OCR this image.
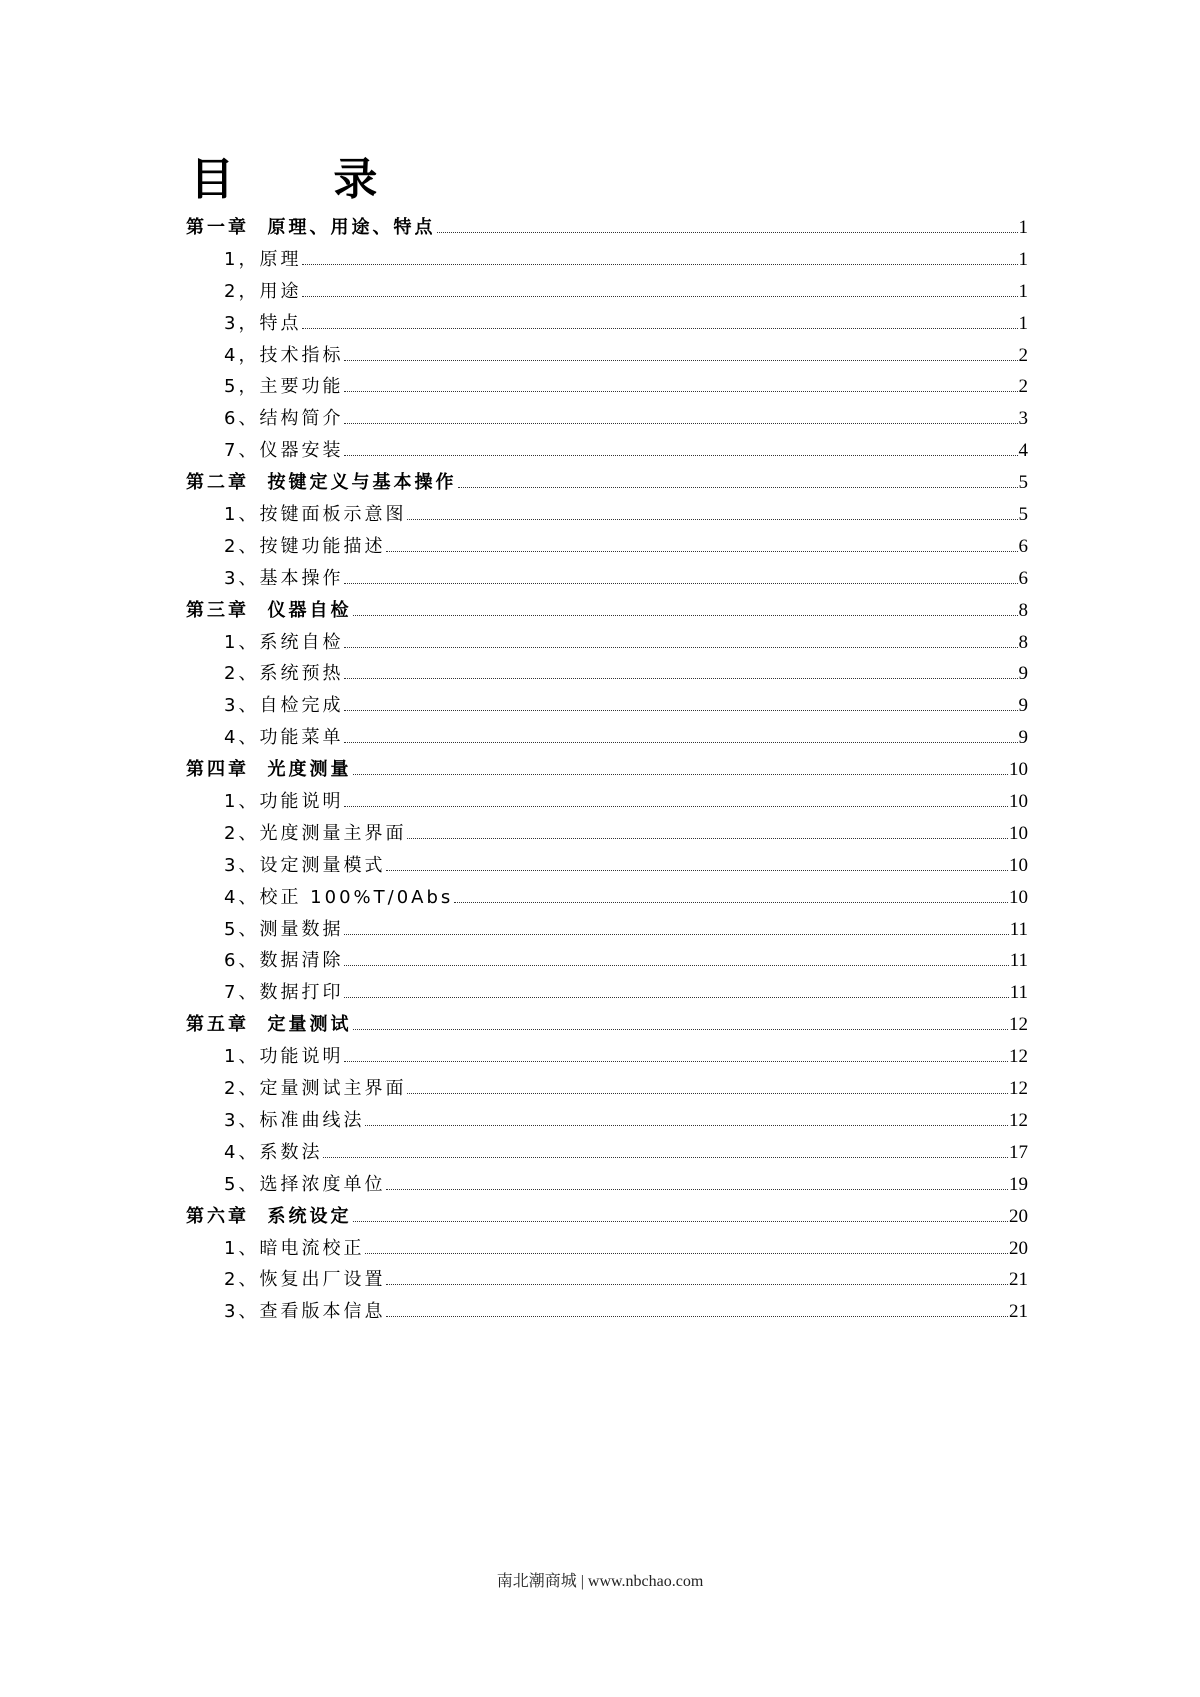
目 录
第一章  原理、用途、特点	1
1，原理	1
2，用途	1
3，特点	1
4，技术指标	2
5，主要功能	2
6、结构简介	3
7、仪器安装	4
第二章  按键定义与基本操作	5
1、按键面板示意图	5
2、按键功能描述	6
3、基本操作	6
第三章  仪器自检	8
1、系统自检	8
2、系统预热	9
3、自检完成	9
4、功能菜单	9
第四章  光度测量	10
1、功能说明	10
2、光度测量主界面	10
3、设定测量模式	10
4、校正 100%T/0Abs	10
5、测量数据	11
6、数据清除	11
7、数据打印	11
第五章  定量测试	12
1、功能说明	12
2、定量测试主界面	12
3、标准曲线法	12
4、系数法	17
5、选择浓度单位	19
第六章  系统设定	20
1、暗电流校正	20
2、恢复出厂设置	21
3、查看版本信息	21
南北潮商城 | www.nbchao.com
